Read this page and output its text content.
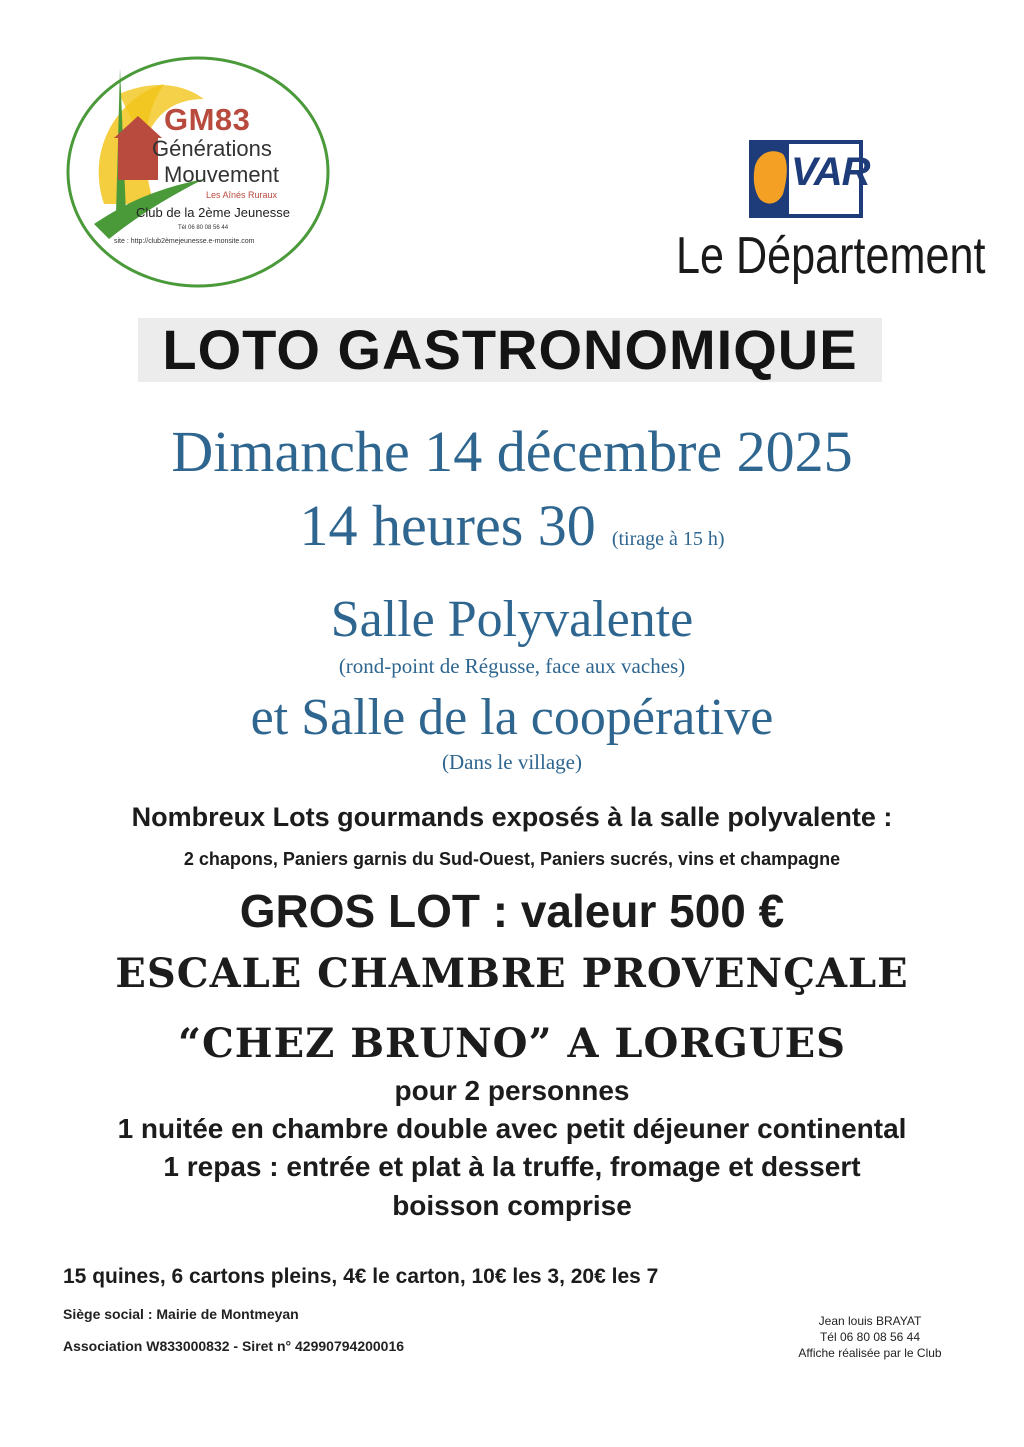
GM83
Générations
Mouvement
Les Aînés Ruraux
Club de la 2ème Jeunesse
Tél 06 80 08 56 44
site : http://club2èmejeunesse.e-monsite.com
VAR
Le Département
LOTO GASTRONOMIQUE
Dimanche 14 décembre 2025
14 heures 30 (tirage à 15 h)
Salle Polyvalente
(rond-point de Régusse, face aux vaches)
et Salle de la coopérative
(Dans le village)
Nombreux Lots gourmands exposés à la salle polyvalente :
2 chapons, Paniers garnis du Sud-Ouest, Paniers sucrés, vins et champagne
GROS LOT : valeur 500 €
ESCALE CHAMBRE PROVENÇALE
“CHEZ BRUNO” A LORGUES
pour 2 personnes
1 nuitée en chambre double avec petit déjeuner continental
1 repas : entrée et plat à la truffe, fromage et dessert
boisson comprise
15 quines, 6 cartons pleins, 4€ le carton, 10€ les 3, 20€ les 7
Siège social : Mairie de Montmeyan
Association W833000832 - Siret n° 42990794200016
Jean louis BRAYAT
Tél 06 80 08 56 44
Affiche réalisée par le Club
